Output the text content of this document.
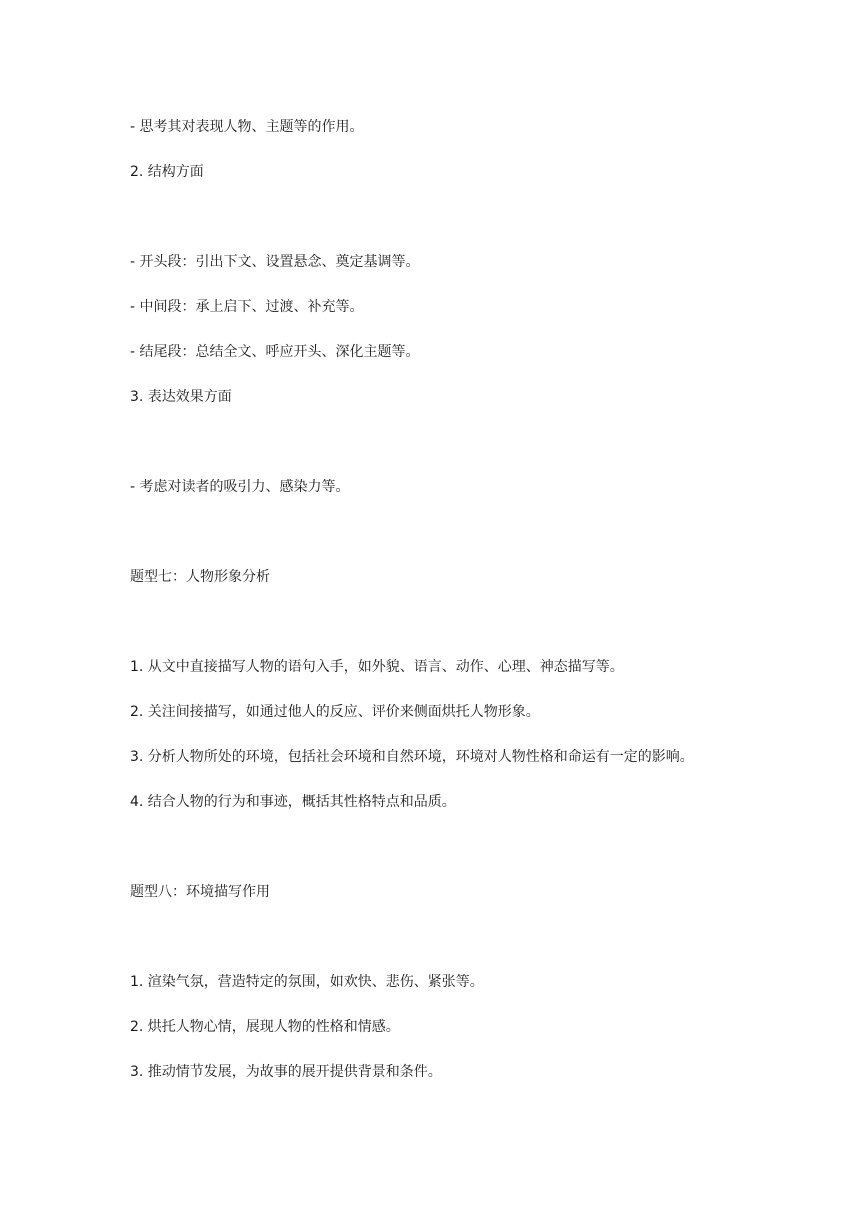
- 思考其对表现人物、主题等的作用。
2. 结构方面
- 开头段：引出下文、设置悬念、奠定基调等。
- 中间段：承上启下、过渡、补充等。
- 结尾段：总结全文、呼应开头、深化主题等。
3. 表达效果方面
- 考虑对读者的吸引力、感染力等。
题型七：人物形象分析
1. 从文中直接描写人物的语句入手，如外貌、语言、动作、心理、神态描写等。
2. 关注间接描写，如通过他人的反应、评价来侧面烘托人物形象。
3. 分析人物所处的环境，包括社会环境和自然环境，环境对人物性格和命运有一定的影响。
4. 结合人物的行为和事迹，概括其性格特点和品质。
题型八：环境描写作用
1. 渲染气氛，营造特定的氛围，如欢快、悲伤、紧张等。
2. 烘托人物心情，展现人物的性格和情感。
3. 推动情节发展，为故事的展开提供背景和条件。
